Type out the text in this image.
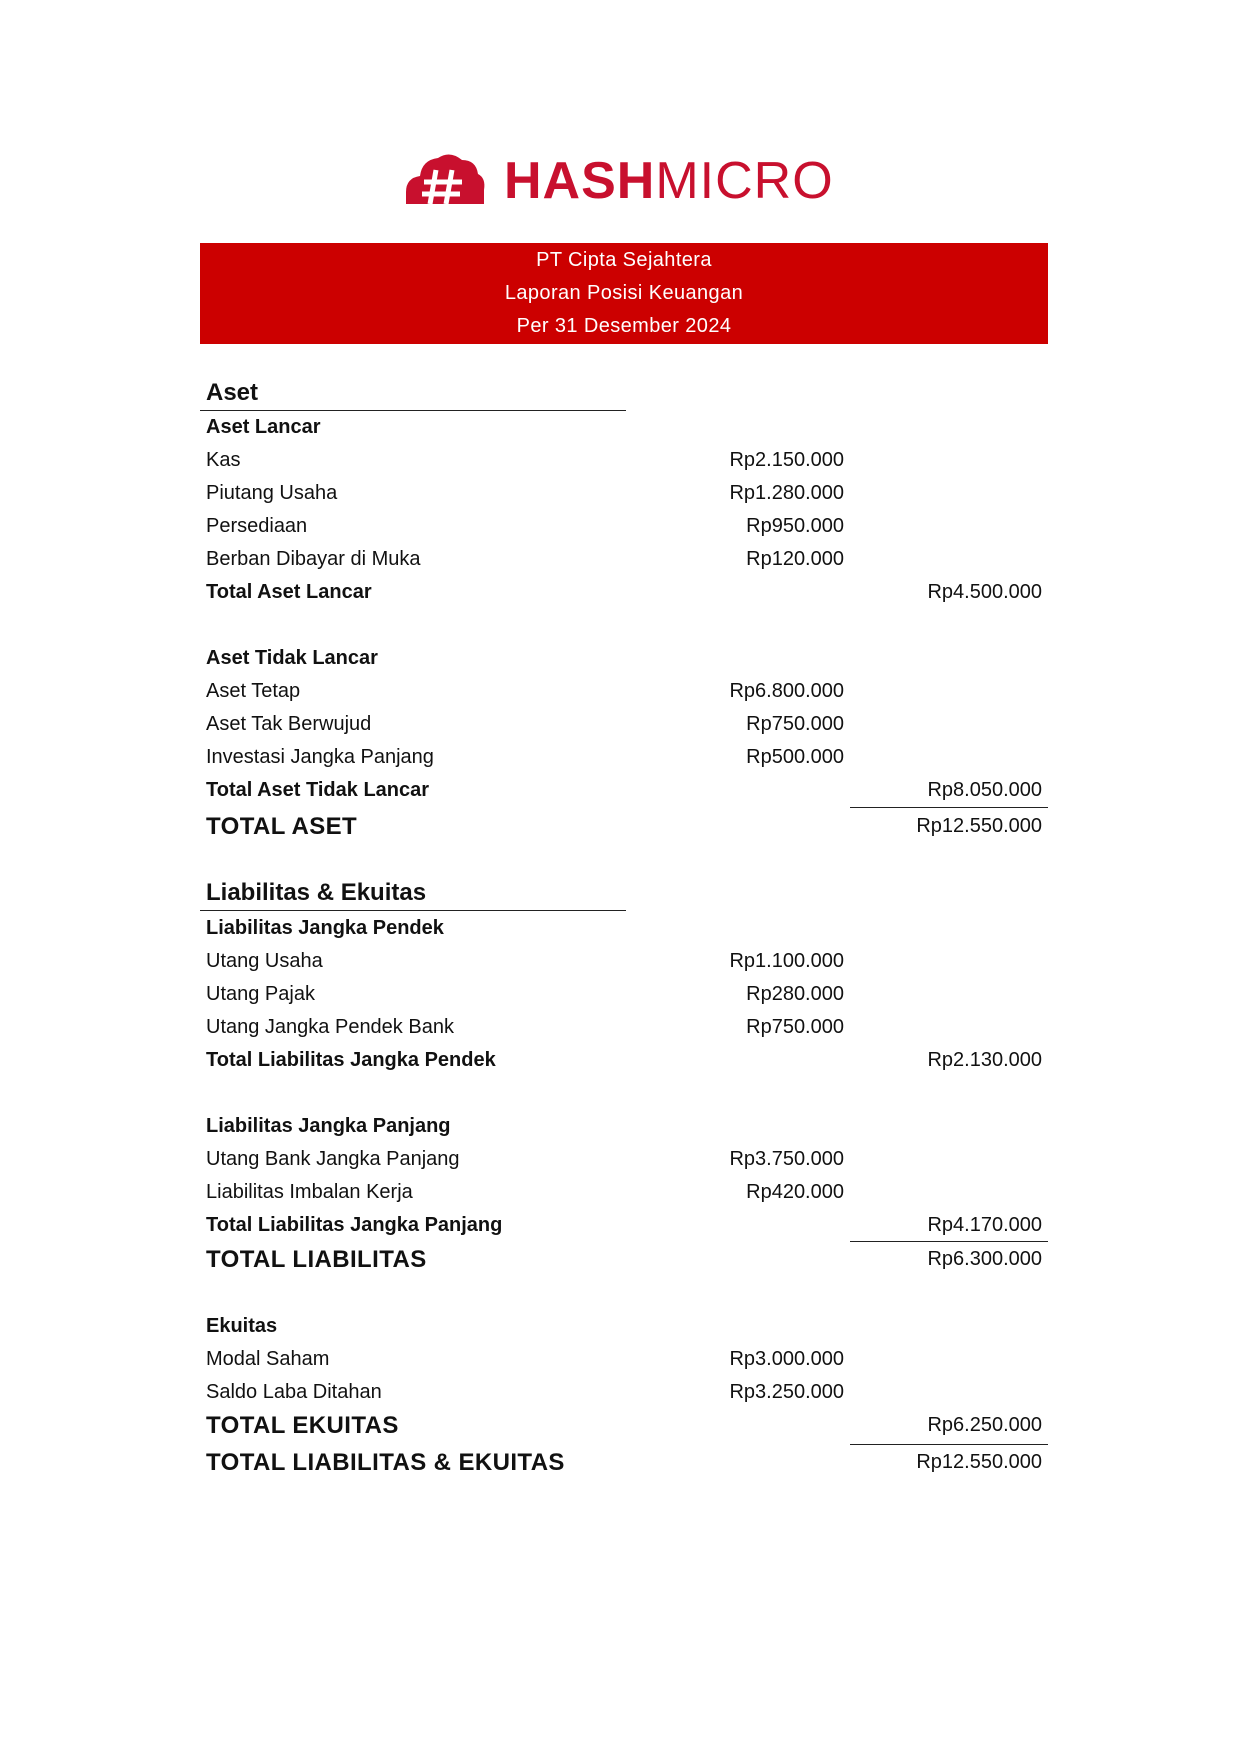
HASHMICRO
PT Cipta Sejahtera
Laporan Posisi Keuangan
Per 31 Desember 2024
Aset
Aset Lancar
Kas	Rp2.150.000
Piutang Usaha	Rp1.280.000
Persediaan	Rp950.000
Berban Dibayar di Muka	Rp120.000
Total Aset Lancar	Rp4.500.000
Aset Tidak Lancar
Aset Tetap	Rp6.800.000
Aset Tak Berwujud	Rp750.000
Investasi Jangka Panjang	Rp500.000
Total Aset Tidak Lancar	Rp8.050.000
TOTAL ASET	Rp12.550.000
Liabilitas & Ekuitas
Liabilitas Jangka Pendek
Utang Usaha	Rp1.100.000
Utang Pajak	Rp280.000
Utang Jangka Pendek Bank	Rp750.000
Total Liabilitas Jangka Pendek	Rp2.130.000
Liabilitas Jangka Panjang
Utang Bank Jangka Panjang	Rp3.750.000
Liabilitas Imbalan Kerja	Rp420.000
Total Liabilitas Jangka Panjang	Rp4.170.000
TOTAL LIABILITAS	Rp6.300.000
Ekuitas
Modal Saham	Rp3.000.000
Saldo Laba Ditahan	Rp3.250.000
TOTAL EKUITAS	Rp6.250.000
TOTAL LIABILITAS & EKUITAS	Rp12.550.000
